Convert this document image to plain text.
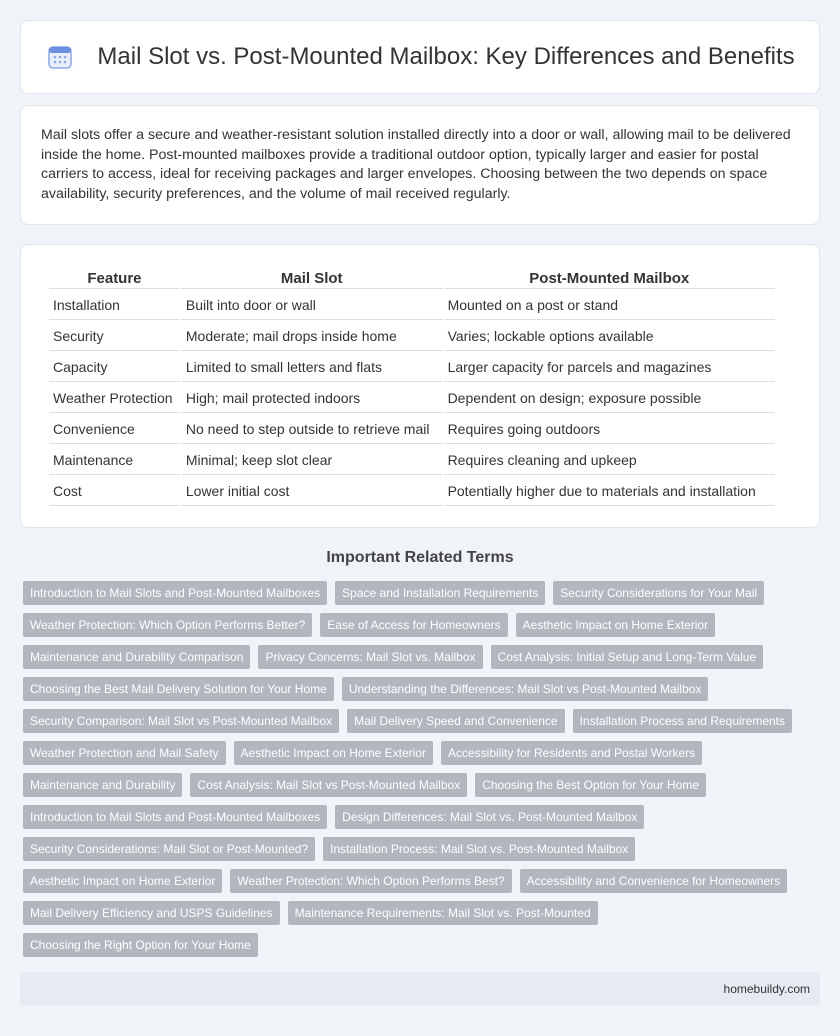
Mail Slot vs. Post-Mounted Mailbox: Key Differences and Benefits

Mail slots offer a secure and weather-resistant solution installed directly into a door or wall, allowing mail to be delivered inside the home. Post-mounted mailboxes provide a traditional outdoor option, typically larger and easier for postal carriers to access, ideal for receiving packages and larger envelopes. Choosing between the two depends on space availability, security preferences, and the volume of mail received regularly.

Feature	Mail Slot	Post-Mounted Mailbox
Installation	Built into door or wall	Mounted on a post or stand
Security	Moderate; mail drops inside home	Varies; lockable options available
Capacity	Limited to small letters and flats	Larger capacity for parcels and magazines
Weather Protection	High; mail protected indoors	Dependent on design; exposure possible
Convenience	No need to step outside to retrieve mail	Requires going outdoors
Maintenance	Minimal; keep slot clear	Requires cleaning and upkeep
Cost	Lower initial cost	Potentially higher due to materials and installation
Important Related Terms
Introduction to Mail Slots and Post-Mounted Mailboxes	Space and Installation Requirements	Security Considerations for Your Mail
Weather Protection: Which Option Performs Better?	Ease of Access for Homeowners	Aesthetic Impact on Home Exterior
Maintenance and Durability Comparison	Privacy Concerns: Mail Slot vs. Mailbox	Cost Analysis: Initial Setup and Long-Term Value
Choosing the Best Mail Delivery Solution for Your Home	Understanding the Differences: Mail Slot vs Post-Mounted Mailbox
Security Comparison: Mail Slot vs Post-Mounted Mailbox	Mail Delivery Speed and Convenience	Installation Process and Requirements
Weather Protection and Mail Safety	Aesthetic Impact on Home Exterior	Accessibility for Residents and Postal Workers
Maintenance and Durability	Cost Analysis: Mail Slot vs Post-Mounted Mailbox	Choosing the Best Option for Your Home
Introduction to Mail Slots and Post-Mounted Mailboxes	Design Differences: Mail Slot vs. Post-Mounted Mailbox
Security Considerations: Mail Slot or Post-Mounted?	Installation Process: Mail Slot vs. Post-Mounted Mailbox
Aesthetic Impact on Home Exterior	Weather Protection: Which Option Performs Best?	Accessibility and Convenience for Homeowners
Mail Delivery Efficiency and USPS Guidelines	Maintenance Requirements: Mail Slot vs. Post-Mounted
Choosing the Right Option for Your Home
homebuildy.com
